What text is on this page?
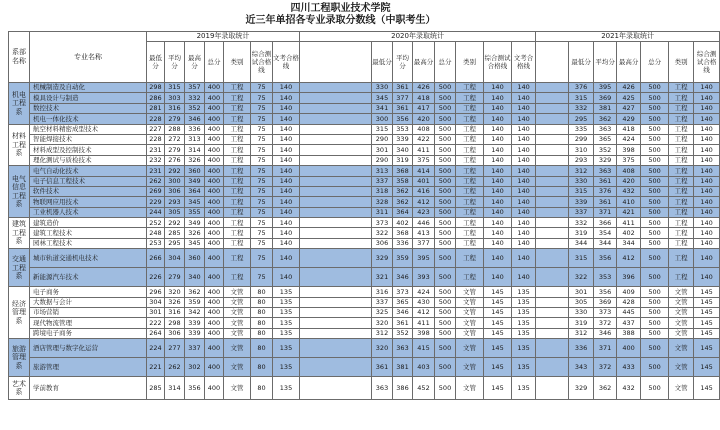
四川工程职业技术学院
近三年单招各专业录取分数线（中职考生）
系部名称	专业名称	2019年录取统计							2020年录取统计								2021年录取统计							
		最低分	平均分	最高分	总分	类别	综合测试合格线	文考合格线		最低分	平均分	最高分	总分	类别	综合测试合格线	文考合格线		最低分	平均分	最高分	总分	类别	综合测试合格线	
机电工程系	机械制造及自动化	298	315	357	400	工程	75	140		330	361	426	500	工程	140	140		376	395	426	500	工程	140	
	模具设计与制造	286	303	332	400	工程	75	140		345	377	418	500	工程	140	140		315	369	425	500	工程	140	
	数控技术	281	316	352	400	工程	75	140		341	361	417	500	工程	140	140		332	381	427	500	工程	140	
	机电一体化技术	228	279	346	400	工程	75	140		300	356	420	500	工程	140	140		295	362	429	500	工程	140	
材料工程系	航空材料精密成型技术	227	288	336	400	工程	75	140		315	353	408	500	工程	140	140		335	363	418	500	工程	140	
	智能焊接技术	228	272	313	400	工程	75	140		290	339	422	500	工程	140	140		299	365	424	500	工程	140	
	材料成型及控制技术	231	279	314	400	工程	75	140		301	340	411	500	工程	140	140		310	352	398	500	工程	140	
	理化测试与质检技术	232	276	326	400	工程	75	140		290	319	375	500	工程	140	140		293	329	375	500	工程	140	
电气信息工程系	电气自动化技术	231	292	360	400	工程	75	140		313	368	414	500	工程	140	140		312	363	408	500	工程	140	
	电子信息工程技术	262	300	349	400	工程	75	140		337	358	401	500	工程	140	140		330	361	420	500	工程	140	
	软件技术	269	306	364	400	工程	75	140		318	362	416	500	工程	140	140		315	376	432	500	工程	140	
	物联网应用技术	229	293	345	400	工程	75	140		328	362	412	500	工程	140	140		339	361	410	500	工程	140	
	工业机器人技术	244	305	355	400	工程	75	140		311	364	423	500	工程	140	140		337	371	421	500	工程	140	
建筑工程系	建筑造价	252	292	349	400	工程	75	140		373	402	446	500	工程	140	140		332	366	411	500	工程	140	
	建筑工程技术	248	285	326	400	工程	75	140		322	368	413	500	工程	140	140		319	354	402	500	工程	140	
	园林工程技术	253	295	345	400	工程	75	140		306	336	377	500	工程	140	140		344	344	344	500	工程	140	
交通工程系	城市轨道交通机电技术	266	304	360	400	工程	75	140		329	359	395	500	工程	140	140		315	356	412	500	工程	140	
	新能源汽车技术	226	279	340	400	工程	75	140		321	346	393	500	工程	140	140		322	353	396	500	工程	140	
经济管理系	电子商务	296	320	362	400	文管	80	135		316	373	424	500	文管	145	135		301	356	409	500	文管	145	
	大数据与会计	304	326	359	400	文管	80	135		337	365	430	500	文管	145	135		305	369	428	500	文管	145	
	市场营销	301	316	342	400	文管	80	135		325	346	412	500	文管	145	135		330	373	445	500	文管	145	
	现代物流管理	222	298	339	400	文管	80	135		320	361	411	500	文管	145	135		319	372	437	500	文管	145	
	跨境电子商务	264	306	339	400	文管	80	135		312	352	398	500	文管	145	135		312	346	388	500	文管	145	
旅游管理系	酒店管理与数字化运营	224	277	337	400	文管	80	135		320	363	415	500	文管	145	135		336	371	400	500	文管	145	
	旅游管理	221	262	302	400	文管	80	135		361	381	403	500	文管	145	135		343	372	433	500	文管	145	
艺术系	学前教育	285	314	356	400	文管	80	135		363	386	452	500	文管	145	135		329	362	432	500	文管	145	
